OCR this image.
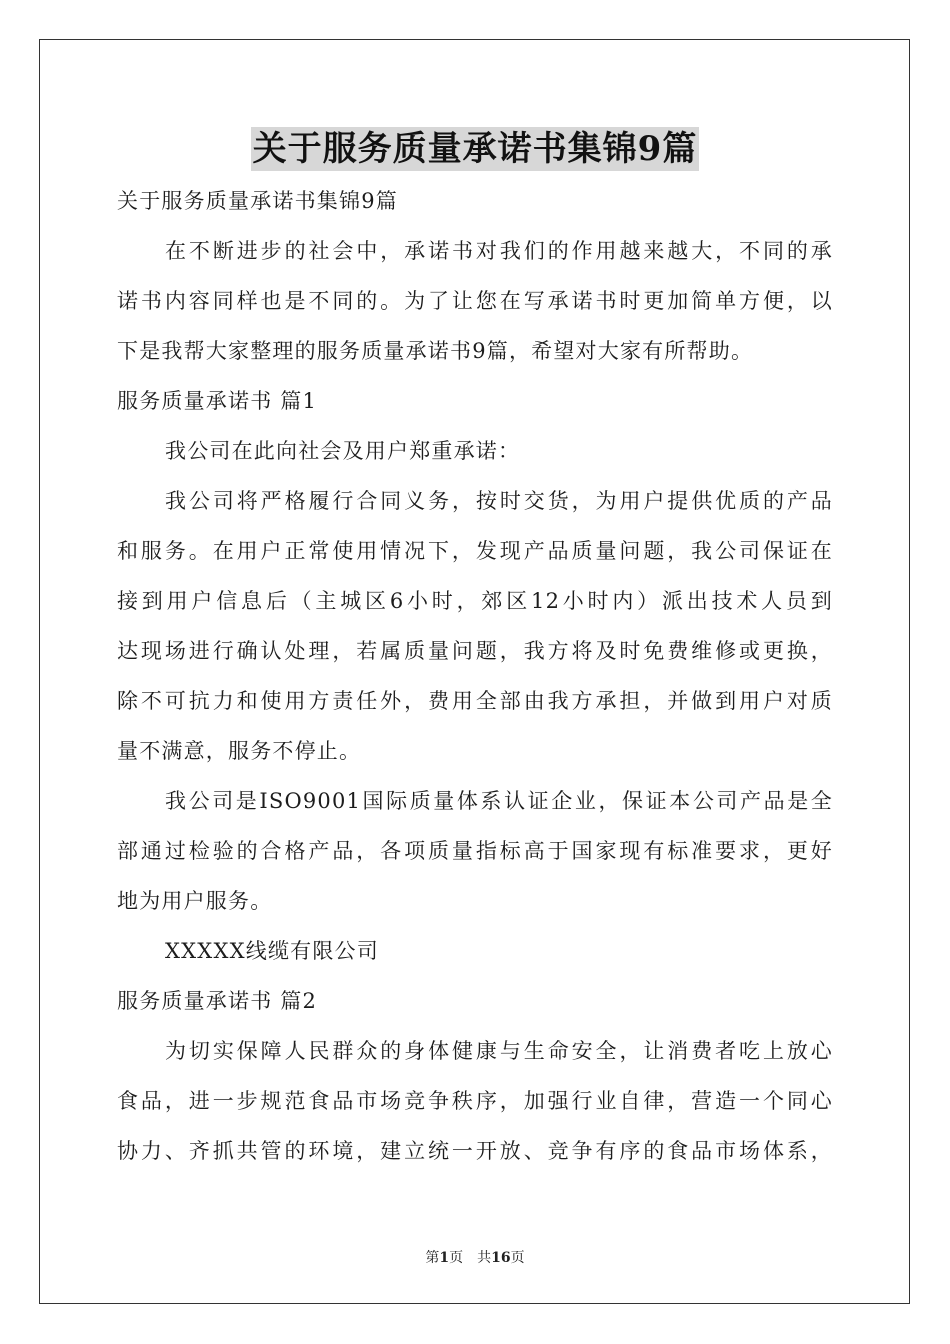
关于服务质量承诺书集锦9篇
关于服务质量承诺书集锦9篇
在不断进步的社会中，承诺书对我们的作用越来越大，不同的承
诺书内容同样也是不同的。为了让您在写承诺书时更加简单方便，以
下是我帮大家整理的服务质量承诺书9篇，希望对大家有所帮助。
服务质量承诺书 篇1
我公司在此向社会及用户郑重承诺：
我公司将严格履行合同义务，按时交货，为用户提供优质的产品
和服务。在用户正常使用情况下，发现产品质量问题，我公司保证在
接到用户信息后（主城区6小时，郊区12小时内）派出技术人员到
达现场进行确认处理，若属质量问题，我方将及时免费维修或更换，
除不可抗力和使用方责任外，费用全部由我方承担，并做到用户对质
量不满意，服务不停止。
我公司是ISO9001国际质量体系认证企业，保证本公司产品是全
部通过检验的合格产品，各项质量指标高于国家现有标准要求，更好
地为用户服务。
XXXXX线缆有限公司
服务质量承诺书 篇2
为切实保障人民群众的身体健康与生命安全，让消费者吃上放心
食品，进一步规范食品市场竞争秩序，加强行业自律，营造一个同心
协力、齐抓共管的环境，建立统一开放、竞争有序的食品市场体系，
第1页　共16页
